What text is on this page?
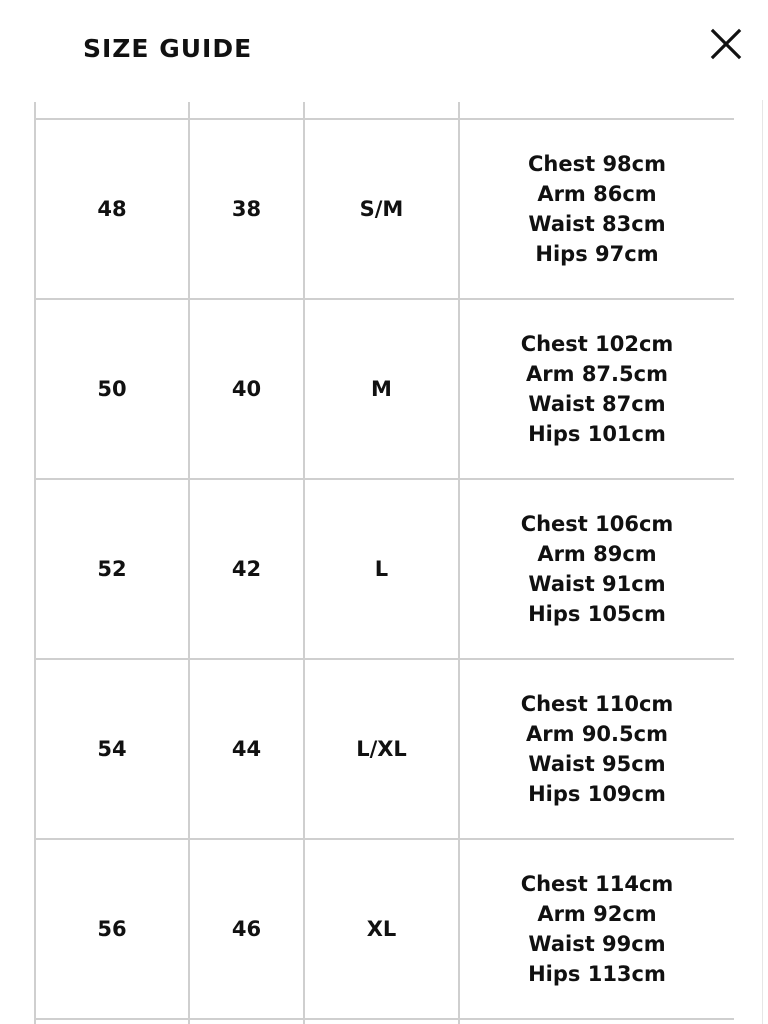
SIZE GUIDE

48	38	S/M	Chest 98cm
Arm 86cm
Waist 83cm
Hips 97cm

50	40	M	Chest 102cm
Arm 87.5cm
Waist 87cm
Hips 101cm

52	42	L	Chest 106cm
Arm 89cm
Waist 91cm
Hips 105cm

54	44	L/XL	Chest 110cm
Arm 90.5cm
Waist 95cm
Hips 109cm

56	46	XL	Chest 114cm
Arm 92cm
Waist 99cm
Hips 113cm
